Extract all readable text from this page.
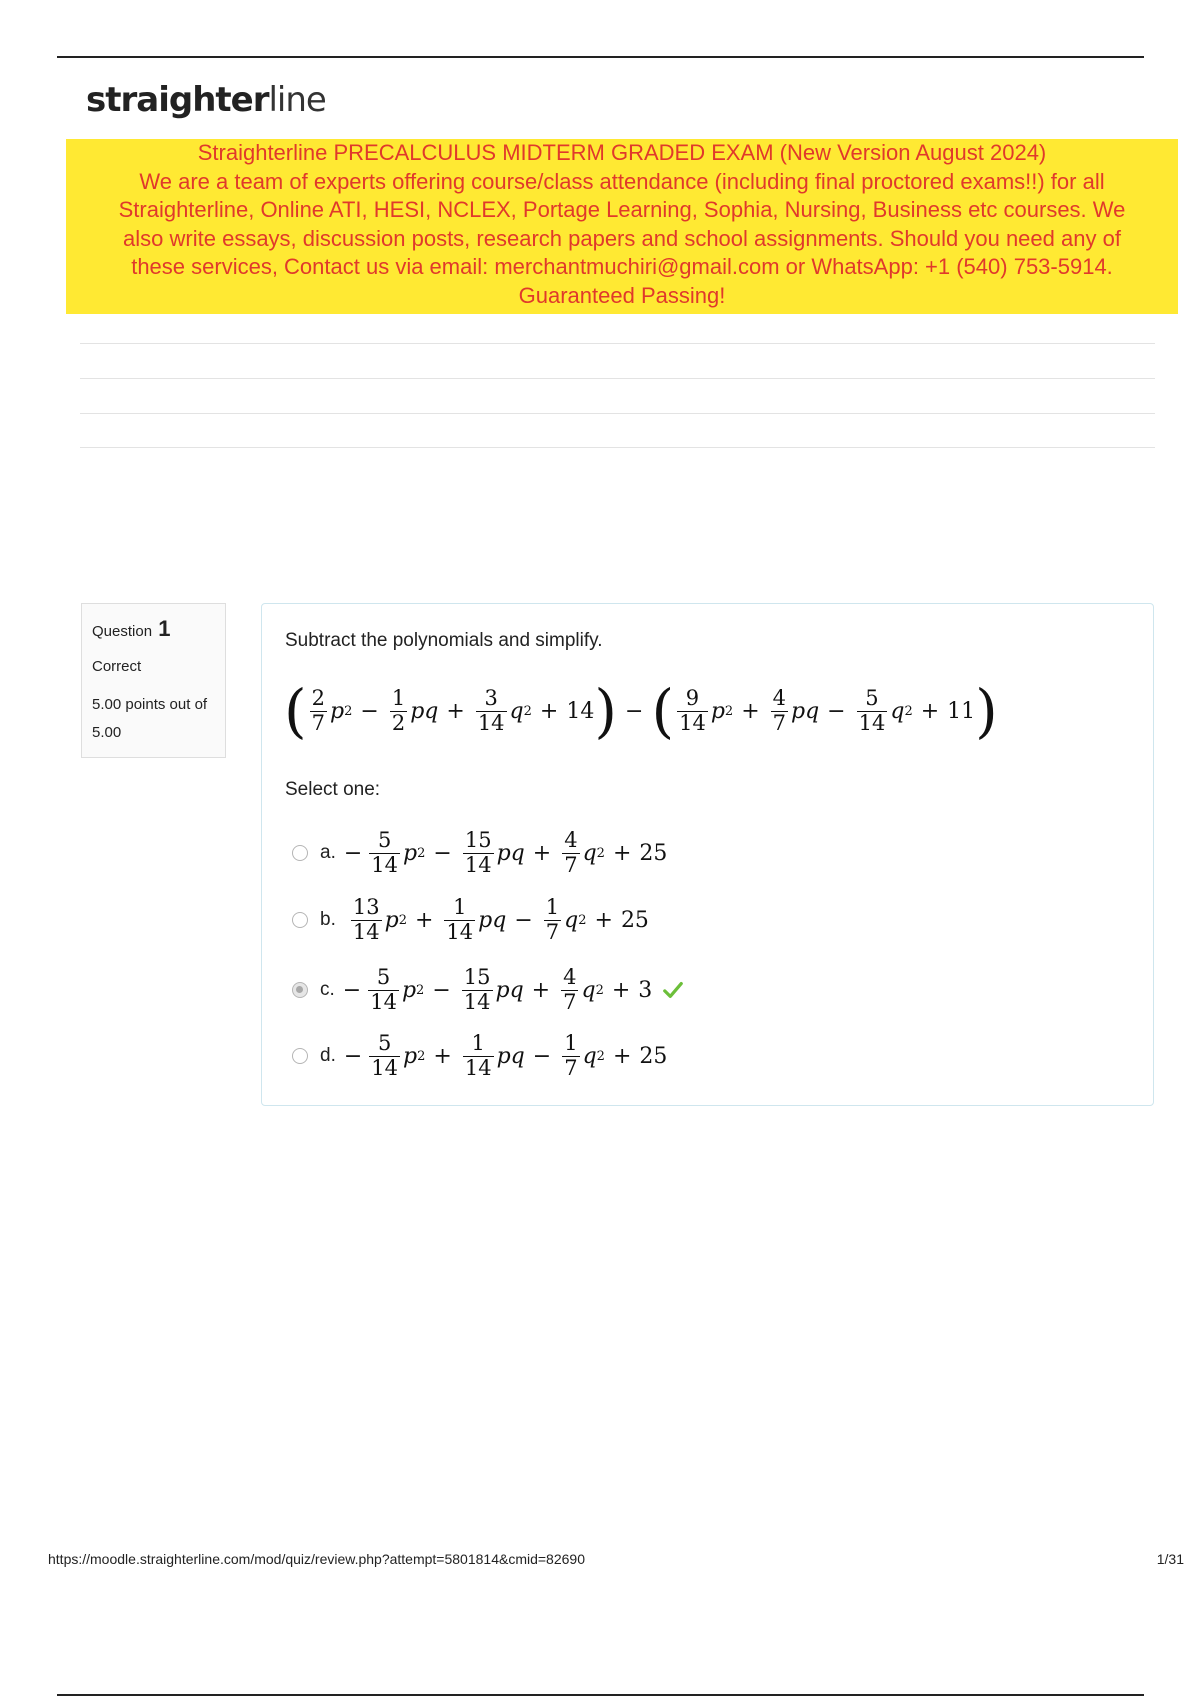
straighterline
Straighterline PRECALCULUS MIDTERM GRADED EXAM (New Version August 2024)
We are a team of experts offering course/class attendance (including final proctored exams!!) for all
Straighterline, Online ATI, HESI, NCLEX, Portage Learning, Sophia, Nursing, Business etc courses. We
also write essays, discussion posts, research papers and school assignments. Should you need any of
these services, Contact us via email: merchantmuchiri@gmail.com or WhatsApp: +1 (540) 753-5914.
Guaranteed Passing!
Question 1
Correct
5.00 points out of 5.00
Subtract the polynomials and simplify.
( $\frac{2}{7}$ p $2 - \frac{1}{2}$ pq + $\frac{3}{14}$ q 2 + 14 ) − ( $\frac{9}{14}$ p $2 + \frac{4}{7}$ pq − $\frac{5}{14}$ q 2 + 11 )
Select one:
a. − $\frac{5}{14}$ p $2 - \frac{15}{14}$ pq + $\frac{4}{7}$ q 2 + 25
b. $\frac{13}{14}$ p $2 + \frac{1}{14}$ pq − $\frac{1}{7}$ q 2 + 25
c. − $\frac{5}{14}$ p $2 - \frac{15}{14}$ pq + $\frac{4}{7}$ q 2 + 3
d. − $\frac{5}{14}$ p $2 + \frac{1}{14}$ pq − $\frac{1}{7}$ q 2 + 25
https://moodle.straighterline.com/mod/quiz/review.php?attempt=5801814&cmid=82690	1/31
